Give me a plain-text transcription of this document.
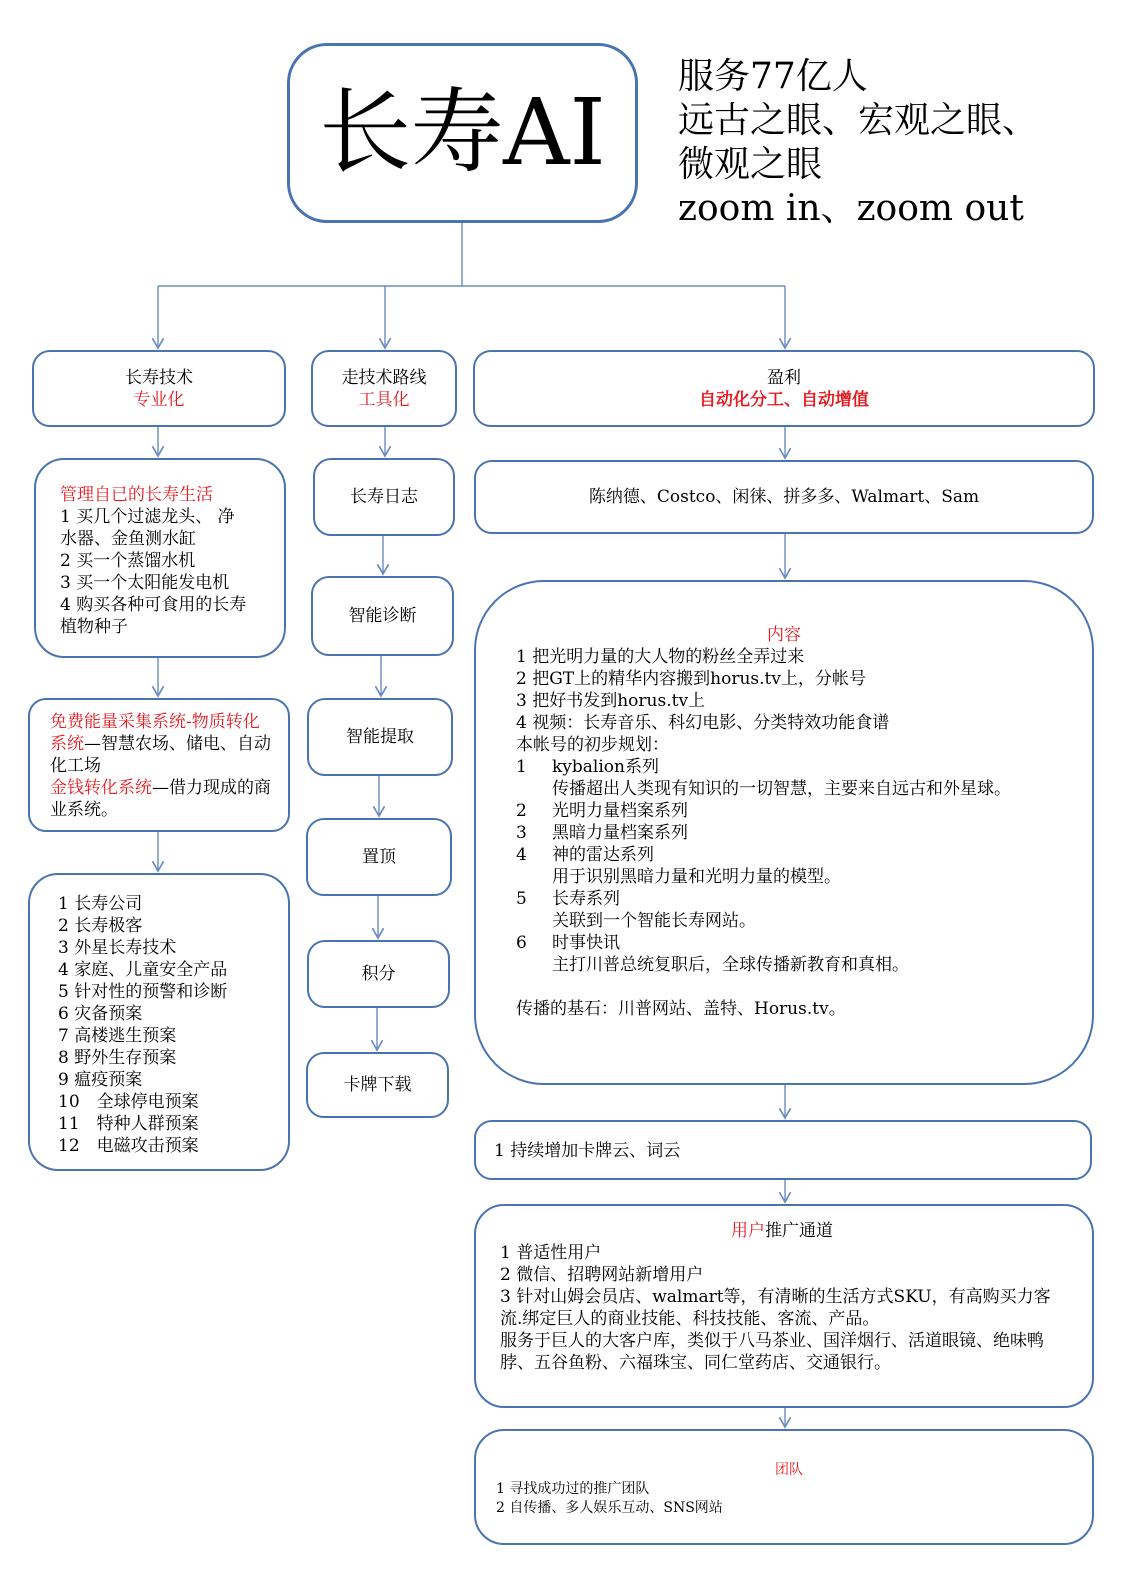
长寿AI
服务77亿人
远古之眼、宏观之眼、
微观之眼
zoom in、zoom out
长寿技术
专业化
管理自已的长寿生活
1 买几个过滤龙头、 净
水器、金鱼测水缸
2 买一个蒸馏水机
3 买一个太阳能发电机
4 购买各种可食用的长寿
植物种子
免费能量采集系统-物质转化系统—智慧农场、储电、自动化工场
金钱转化系统—借力现成的商业系统。
1 长寿公司
2 长寿极客
3 外星长寿技术
4 家庭、儿童安全产品
5 针对性的预警和诊断
6 灾备预案
7 高楼逃生预案
8 野外生存预案
9 瘟疫预案
10　全球停电预案
11　特种人群预案
12　电磁攻击预案
走技术路线
工具化
长寿日志
智能诊断
智能提取
置顶
积分
卡牌下载
盈利
自动化分工、自动增值
陈纳德、Costco、闲徕、拼多多、Walmart、Sam
内容
1 把光明力量的大人物的粉丝全弄过来
2 把GT上的精华内容搬到horus.tv上，分帐号
3 把好书发到horus.tv上
4 视频：长寿音乐、科幻电影、分类特效功能食谱
本帐号的初步规划：
1	kybalion系列
传播超出人类现有知识的一切智慧，主要来自远古和外星球。
2	光明力量档案系列
3	黑暗力量档案系列
4	神的雷达系列
用于识别黑暗力量和光明力量的模型。
5	长寿系列
关联到一个智能长寿网站。
6	时事快讯
主打川普总统复职后，全球传播新教育和真相。
传播的基石：川普网站、盖特、Horus.tv。
1 持续增加卡牌云、词云
用户推广通道
1 普适性用户
2 微信、招聘网站新增用户
3 针对山姆会员店、walmart等，有清晰的生活方式SKU，有高购买力客流.绑定巨人的商业技能、科技技能、客流、产品。
服务于巨人的大客户库，类似于八马茶业、国洋烟行、活道眼镜、绝味鸭脖、五谷鱼粉、六福珠宝、同仁堂药店、交通银行。
团队
1 寻找成功过的推广团队
2 自传播、多人娱乐互动、SNS网站
